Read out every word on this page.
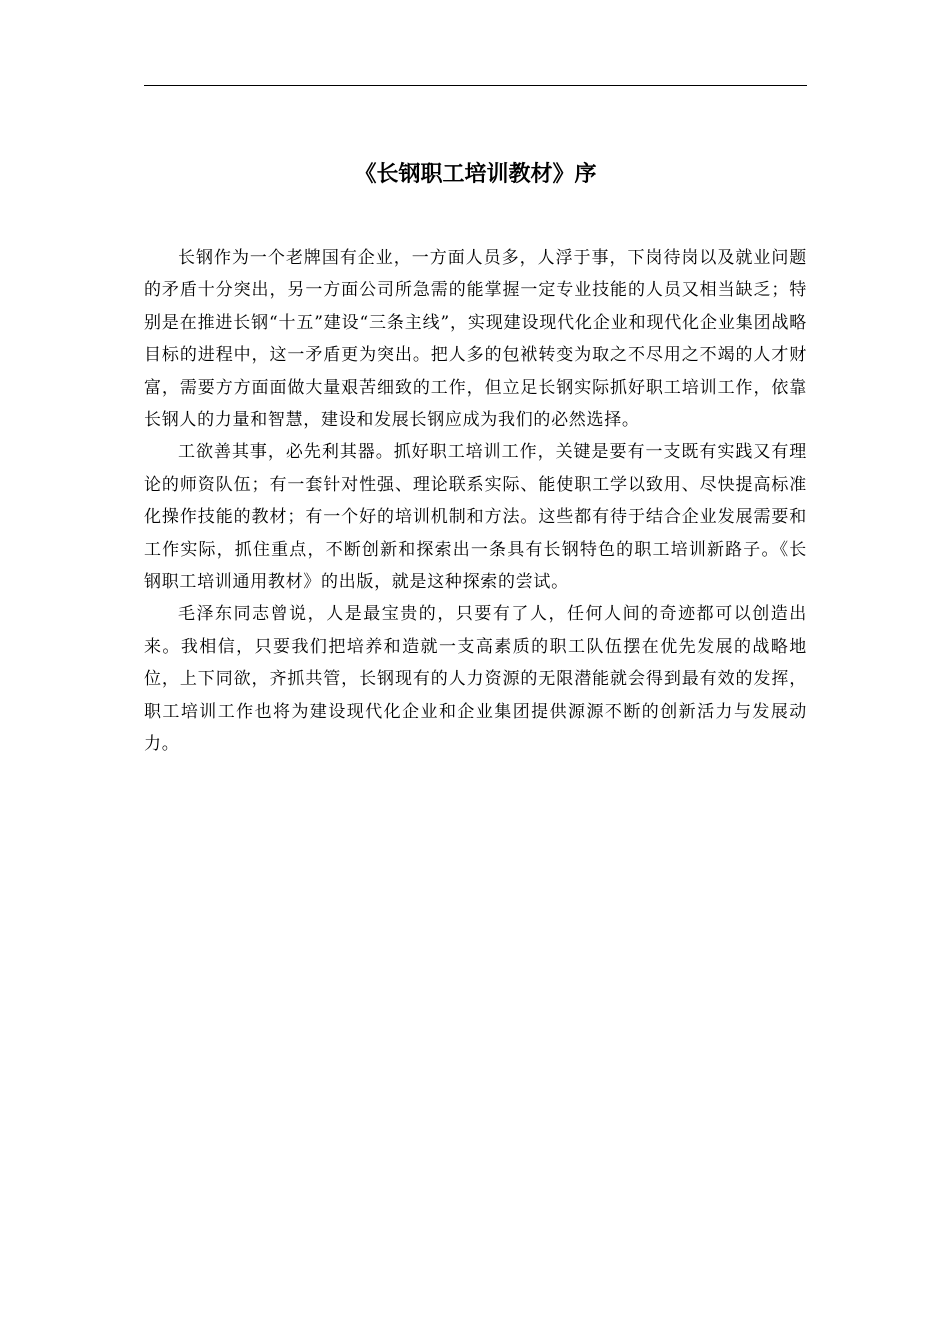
《长钢职工培训教材》序

长钢作为一个老牌国有企业，一方面人员多，人浮于事，下岗待岗以及就业问题的矛盾十分突出，另一方面公司所急需的能掌握一定专业技能的人员又相当缺乏；特别是在推进长钢“十五”建设“三条主线”，实现建设现代化企业和现代化企业集团战略目标的进程中，这一矛盾更为突出。把人多的包袱转变为取之不尽用之不竭的人才财富，需要方方面面做大量艰苦细致的工作，但立足长钢实际抓好职工培训工作，依靠长钢人的力量和智慧，建设和发展长钢应成为我们的必然选择。

工欲善其事，必先利其器。抓好职工培训工作，关键是要有一支既有实践又有理论的师资队伍；有一套针对性强、理论联系实际、能使职工学以致用、尽快提高标准化操作技能的教材；有一个好的培训机制和方法。这些都有待于结合企业发展需要和工作实际，抓住重点，不断创新和探索出一条具有长钢特色的职工培训新路子。《长钢职工培训通用教材》的出版，就是这种探索的尝试。

毛泽东同志曾说，人是最宝贵的，只要有了人，任何人间的奇迹都可以创造出来。我相信，只要我们把培养和造就一支高素质的职工队伍摆在优先发展的战略地位，上下同欲，齐抓共管，长钢现有的人力资源的无限潜能就会得到最有效的发挥，职工培训工作也将为建设现代化企业和企业集团提供源源不断的创新活力与发展动力。
